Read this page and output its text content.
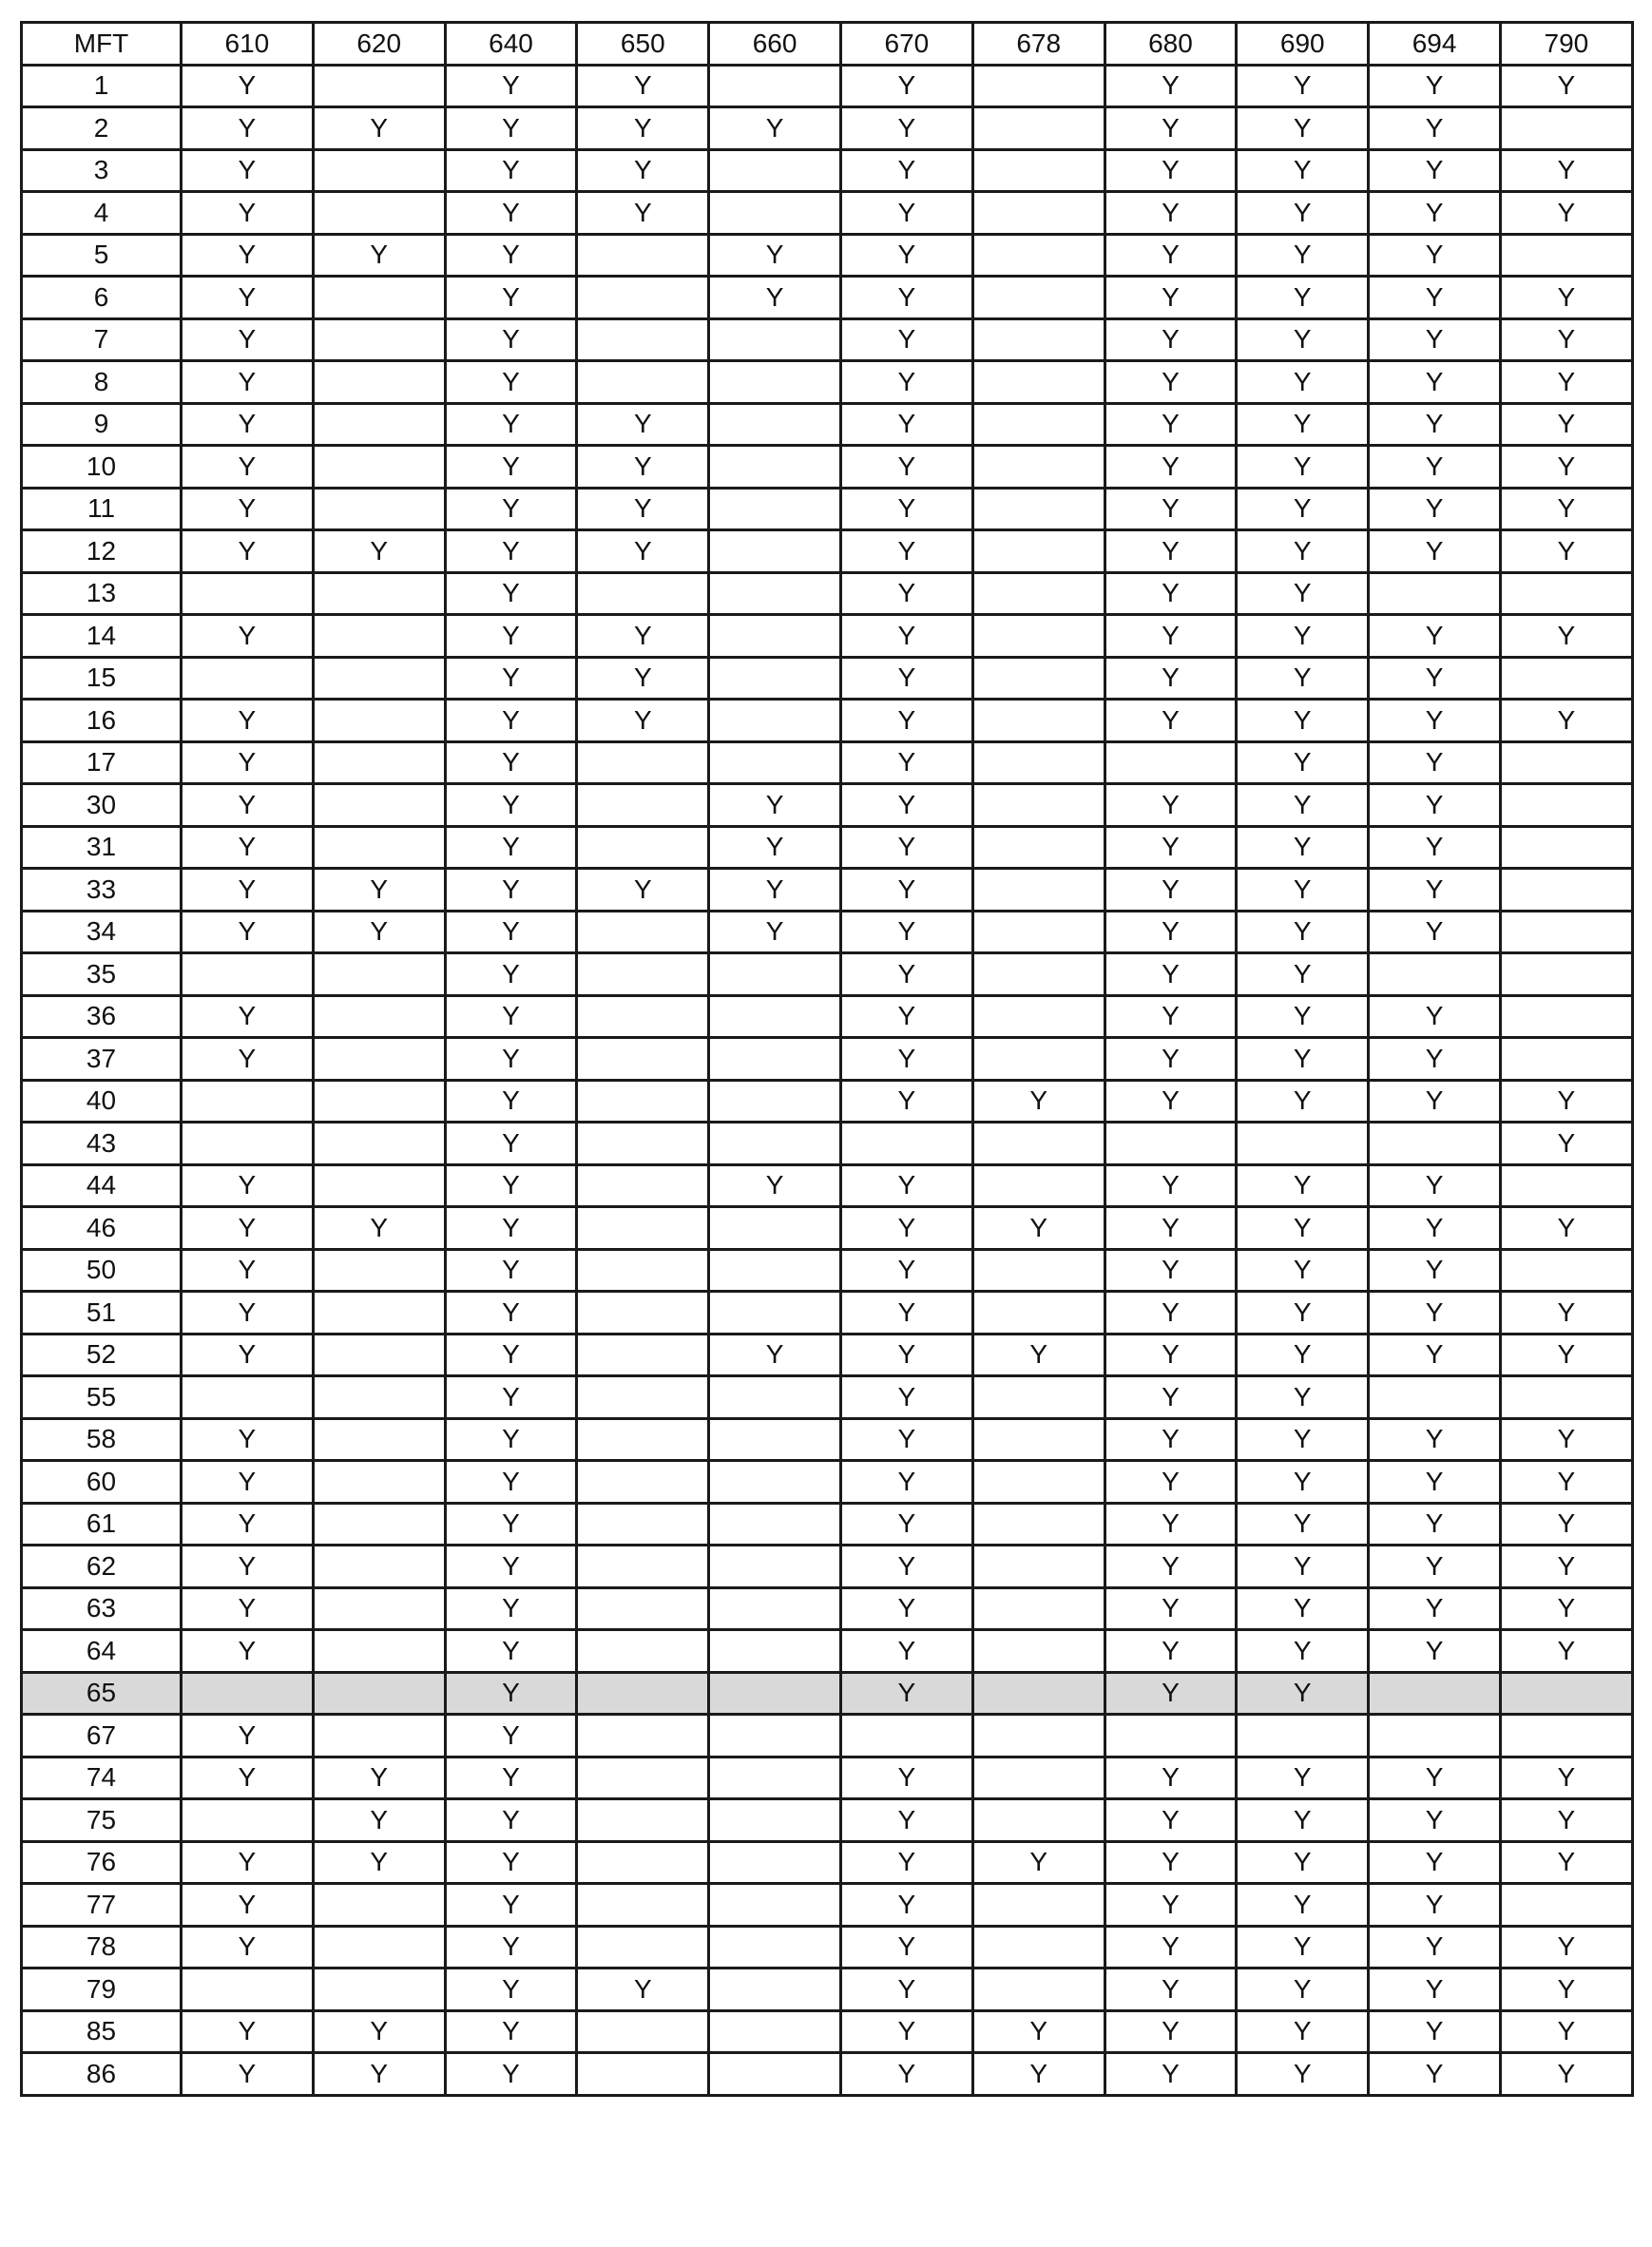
MFT	610	620	640	650	660	670	678	680	690	694	790
1	Y		Y	Y		Y		Y	Y	Y	Y
2	Y	Y	Y	Y	Y	Y		Y	Y	Y	
3	Y		Y	Y		Y		Y	Y	Y	Y
4	Y		Y	Y		Y		Y	Y	Y	Y
5	Y	Y	Y		Y	Y		Y	Y	Y	
6	Y		Y		Y	Y		Y	Y	Y	Y
7	Y		Y			Y		Y	Y	Y	Y
8	Y		Y			Y		Y	Y	Y	Y
9	Y		Y	Y		Y		Y	Y	Y	Y
10	Y		Y	Y		Y		Y	Y	Y	Y
11	Y		Y	Y		Y		Y	Y	Y	Y
12	Y	Y	Y	Y		Y		Y	Y	Y	Y
13			Y			Y		Y	Y		
14	Y		Y	Y		Y		Y	Y	Y	Y
15			Y	Y		Y		Y	Y	Y	
16	Y		Y	Y		Y		Y	Y	Y	Y
17	Y		Y			Y			Y	Y	
30	Y		Y		Y	Y		Y	Y	Y	
31	Y		Y		Y	Y		Y	Y	Y	
33	Y	Y	Y	Y	Y	Y		Y	Y	Y	
34	Y	Y	Y		Y	Y		Y	Y	Y	
35			Y			Y		Y	Y		
36	Y		Y			Y		Y	Y	Y	
37	Y		Y			Y		Y	Y	Y	
40			Y			Y	Y	Y	Y	Y	Y
43			Y								Y
44	Y		Y		Y	Y		Y	Y	Y	
46	Y	Y	Y			Y	Y	Y	Y	Y	Y
50	Y		Y			Y		Y	Y	Y	
51	Y		Y			Y		Y	Y	Y	Y
52	Y		Y		Y	Y	Y	Y	Y	Y	Y
55			Y			Y		Y	Y		
58	Y		Y			Y		Y	Y	Y	Y
60	Y		Y			Y		Y	Y	Y	Y
61	Y		Y			Y		Y	Y	Y	Y
62	Y		Y			Y		Y	Y	Y	Y
63	Y		Y			Y		Y	Y	Y	Y
64	Y		Y			Y		Y	Y	Y	Y
65			Y			Y		Y	Y		
67	Y		Y								
74	Y	Y	Y			Y		Y	Y	Y	Y
75		Y	Y			Y		Y	Y	Y	Y
76	Y	Y	Y			Y	Y	Y	Y	Y	Y
77	Y		Y			Y		Y	Y	Y	
78	Y		Y			Y		Y	Y	Y	Y
79			Y	Y		Y		Y	Y	Y	Y
85	Y	Y	Y			Y	Y	Y	Y	Y	Y
86	Y	Y	Y			Y	Y	Y	Y	Y	Y
